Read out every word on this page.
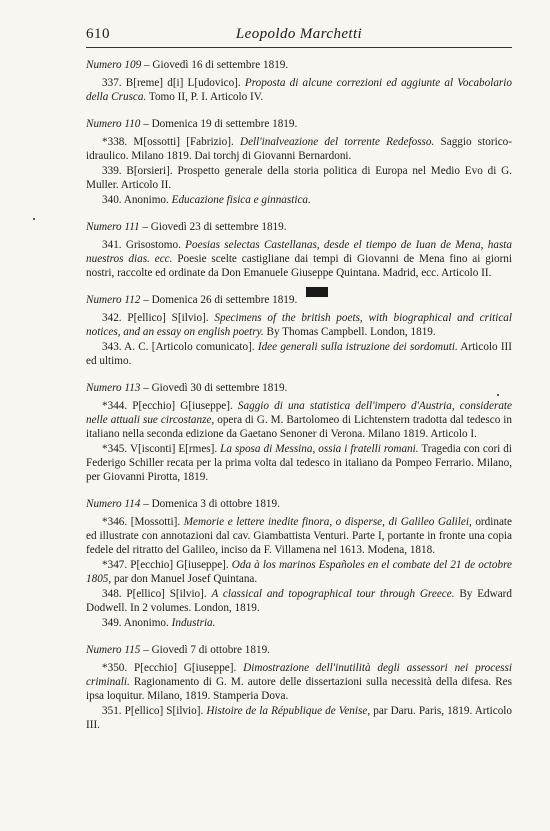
610	Leopoldo Marchetti
Numero 109 – Giovedì 16 di settembre 1819.
337. B[reme] d[i] L[udovico]. Proposta di alcune correzioni ed aggiunte al Vocabolario della Crusca. Tomo II, P. I. Articolo IV.
Numero 110 – Domenica 19 di settembre 1819.
*338. M[ossotti] [Fabrizio]. Dell'inalveazione del torrente Redefosso. Saggio storico-idraulico. Milano 1819. Dai torchj di Giovanni Bernardoni.
339. B[orsieri]. Prospetto generale della storia politica di Europa nel Medio Evo di G. Muller. Articolo II.
340. Anonimo. Educazione fisica e ginnastica.
Numero 111 – Giovedì 23 di settembre 1819.
341. Grisostomo. Poesias selectas Castellanas, desde el tiempo de Iuan de Mena, hasta nuestros dias. ecc. Poesie scelte castigliane dai tempi di Giovanni de Mena fino ai giorni nostri, raccolte ed ordinate da Don Emanuele Giuseppe Quintana. Madrid, ecc. Articolo II.
Numero 112 – Domenica 26 di settembre 1819.
342. P[ellico] S[ilvio]. Specimens of the british poets, with biographical and critical notices, and an essay on english poetry. By Thomas Campbell. London, 1819.
343. A. C. [Articolo comunicato]. Idee generali sulla istruzione dei sordomuti. Articolo III ed ultimo.
Numero 113 – Giovedì 30 di settembre 1819.
*344. P[ecchio] G[iuseppe]. Saggio di una statistica dell'impero d'Austria, considerate nelle attuali sue circostanze, opera di G. M. Bartolomeo di Lichtenstern tradotta dal tedesco in italiano nella seconda edizione da Gaetano Senoner di Verona. Milano 1819. Articolo I.
*345. V[isconti] E[rmes]. La sposa di Messina, ossia i fratelli romani. Tragedia con cori di Federigo Schiller recata per la prima volta dal tedesco in italiano da Pompeo Ferrario. Milano, per Giovanni Pirotta, 1819.
Numero 114 – Domenica 3 di ottobre 1819.
*346. [Mossotti]. Memorie e lettere inedite finora, o disperse, di Galileo Galilei, ordinate ed illustrate con annotazioni dal cav. Giambattista Venturi. Parte I, portante in fronte una copia fedele del ritratto del Galileo, inciso da F. Villamena nel 1613. Modena, 1818.
*347. P[ecchio] G[iuseppe]. Oda à los marinos Españoles en el combate del 21 de octobre 1805, par don Manuel Josef Quintana.
348. P[ellico] S[ilvio]. A classical and topographical tour through Greece. By Edward Dodwell. In 2 volumes. London, 1819.
349. Anonimo. Industria.
Numero 115 – Giovedì 7 di ottobre 1819.
*350. P[ecchio] G[iuseppe]. Dimostrazione dell'inutilità degli assessori nei processi criminali. Ragionamento di G. M. autore delle dissertazioni sulla necessità della difesa. Res ipsa loquitur. Milano, 1819. Stamperia Dova.
351. P[ellico] S[ilvio]. Histoire de la République de Venise, par Daru. Paris, 1819. Articolo III.
